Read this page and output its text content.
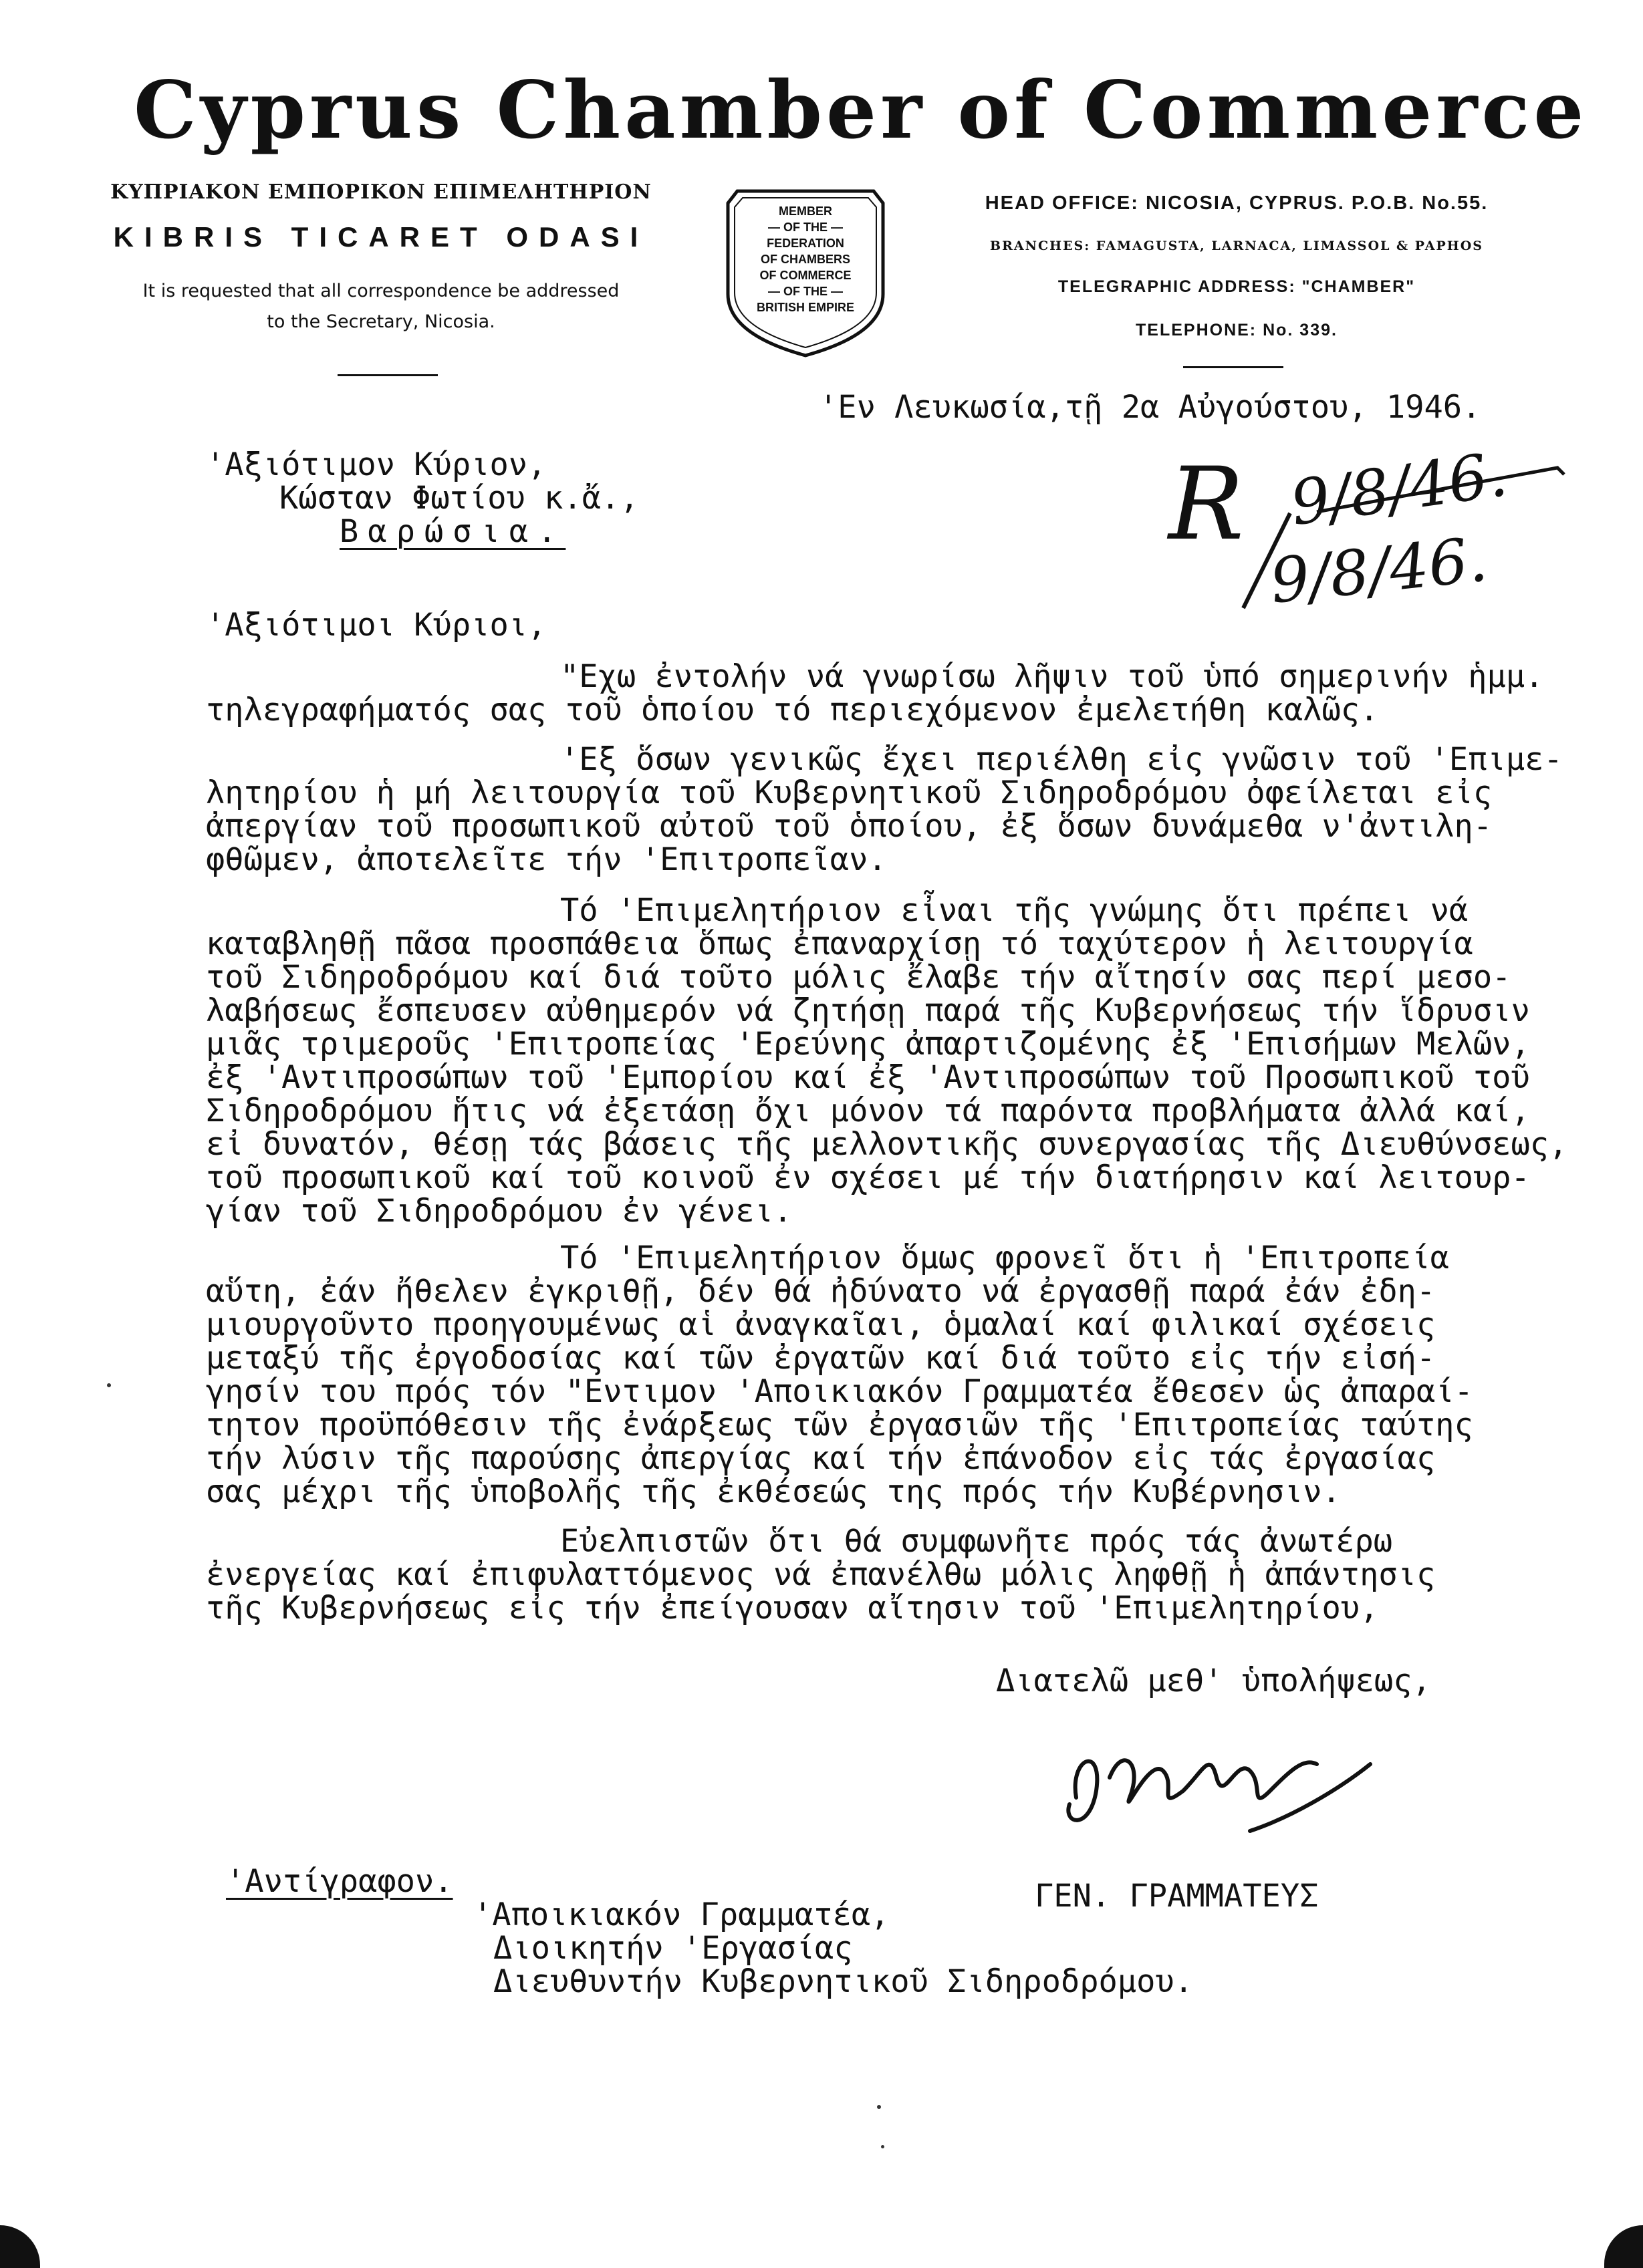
Cyprus Chamber of Commerce
ΚΥΠΡΙΑΚΟΝ ΕΜΠΟΡΙΚΟΝ ΕΠΙΜΕΛΗΤΗΡΙΟΝ
KIBRIS TICARET ODASI
It is requested that all correspondence be addressed
to the Secretary, Nicosia.
MEMBER
— OF THE —
FEDERATION
OF CHAMBERS
OF COMMERCE
— OF THE —
BRITISH EMPIRE
HEAD OFFICE: NICOSIA, CYPRUS. P.O.B. No.55.
BRANCHES: FAMAGUSTA, LARNACA, LIMASSOL & PAPHOS
TELEGRAPHIC ADDRESS: "CHAMBER"
TELEPHONE: No. 339.
'Εν Λευκωσία,τῇ 2α Αὐγούστου, 1946.
R 9/8/46.
9/8/46.
'Αξιότιμον Κύριον,
Κώσταν Φωτίου κ.ἄ.,
Βαρώσια.
'Αξιότιμοι Κύριοι,
"Εχω ἐντολήν νά γνωρίσω λῆψιν τοῦ ὑπό σημερινήν ἡμμ.
τηλεγραφήματός σας τοῦ ὁποίου τό περιεχόμενον ἐμελετήθη καλῶς.
'Εξ ὅσων γενικῶς ἔχει περιέλθη εἰς γνῶσιν τοῦ 'Επιμε-
λητηρίου ἡ μή λειτουργία τοῦ Κυβερνητικοῦ Σιδηροδρόμου ὀφείλεται εἰς
ἀπεργίαν τοῦ προσωπικοῦ αὐτοῦ τοῦ ὁποίου, ἐξ ὅσων δυνάμεθα ν'ἀντιλη-
φθῶμεν, ἀποτελεῖτε τήν 'Επιτροπεῖαν.
Τό 'Επιμελητήριον εἶναι τῆς γνώμης ὅτι πρέπει νά
καταβληθῇ πᾶσα προσπάθεια ὅπως ἐπαναρχίσῃ τό ταχύτερον ἡ λειτουργία
τοῦ Σιδηροδρόμου καί διά τοῦτο μόλις ἔλαβε τήν αἴτησίν σας περί μεσο-
λαβήσεως ἔσπευσεν αὐθημερόν νά ζητήσῃ παρά τῆς Κυβερνήσεως τήν ἵδρυσιν
μιᾶς τριμεροῦς 'Επιτροπείας 'Ερεύνης ἀπαρτιζομένης ἐξ 'Επισήμων Μελῶν,
ἐξ 'Αντιπροσώπων τοῦ 'Εμπορίου καί ἐξ 'Αντιπροσώπων τοῦ Προσωπικοῦ τοῦ
Σιδηροδρόμου ἥτις νά ἐξετάσῃ ὄχι μόνον τά παρόντα προβλήματα ἀλλά καί,
εἰ δυνατόν, θέσῃ τάς βάσεις τῆς μελλοντικῆς συνεργασίας τῆς Διευθύνσεως,
τοῦ προσωπικοῦ καί τοῦ κοινοῦ ἐν σχέσει μέ τήν διατήρησιν καί λειτουρ-
γίαν τοῦ Σιδηροδρόμου ἐν γένει.
Τό 'Επιμελητήριον ὅμως φρονεῖ ὅτι ἡ 'Επιτροπεία
αὕτη, ἐάν ἤθελεν ἐγκριθῇ, δέν θά ἠδύνατο νά ἐργασθῇ παρά ἐάν ἐδη-
μιουργοῦντο προηγουμένως αἱ ἀναγκαῖαι, ὁμαλαί καί φιλικαί σχέσεις
μεταξύ τῆς ἐργοδοσίας καί τῶν ἐργατῶν καί διά τοῦτο εἰς τήν εἰσή-
γησίν του πρός τόν "Εντιμον 'Αποικιακόν Γραμματέα ἔθεσεν ὡς ἀπαραί-
τητον προϋπόθεσιν τῆς ἐνάρξεως τῶν ἐργασιῶν τῆς 'Επιτροπείας ταύτης
τήν λύσιν τῆς παρούσης ἀπεργίας καί τήν ἐπάνοδον εἰς τάς ἐργασίας
σας μέχρι τῆς ὑποβολῆς τῆς ἐκθέσεώς της πρός τήν Κυβέρνησιν.
Εὐελπιστῶν ὅτι θά συμφωνῆτε πρός τάς ἀνωτέρω
ἐνεργείας καί ἐπιφυλαττόμενος νά ἐπανέλθω μόλις ληφθῇ ἡ ἀπάντησις
τῆς Κυβερνήσεως εἰς τήν ἐπείγουσαν αἴτησιν τοῦ 'Επιμελητηρίου,
Διατελῶ μεθ' ὑπολήψεως,
ΓΕΝ. ΓΡΑΜΜΑΤΕΥΣ
'Αντίγραφον.
'Αποικιακόν Γραμματέα,
Διοικητήν 'Εργασίας
Διευθυντήν Κυβερνητικοῦ Σιδηροδρόμου.
